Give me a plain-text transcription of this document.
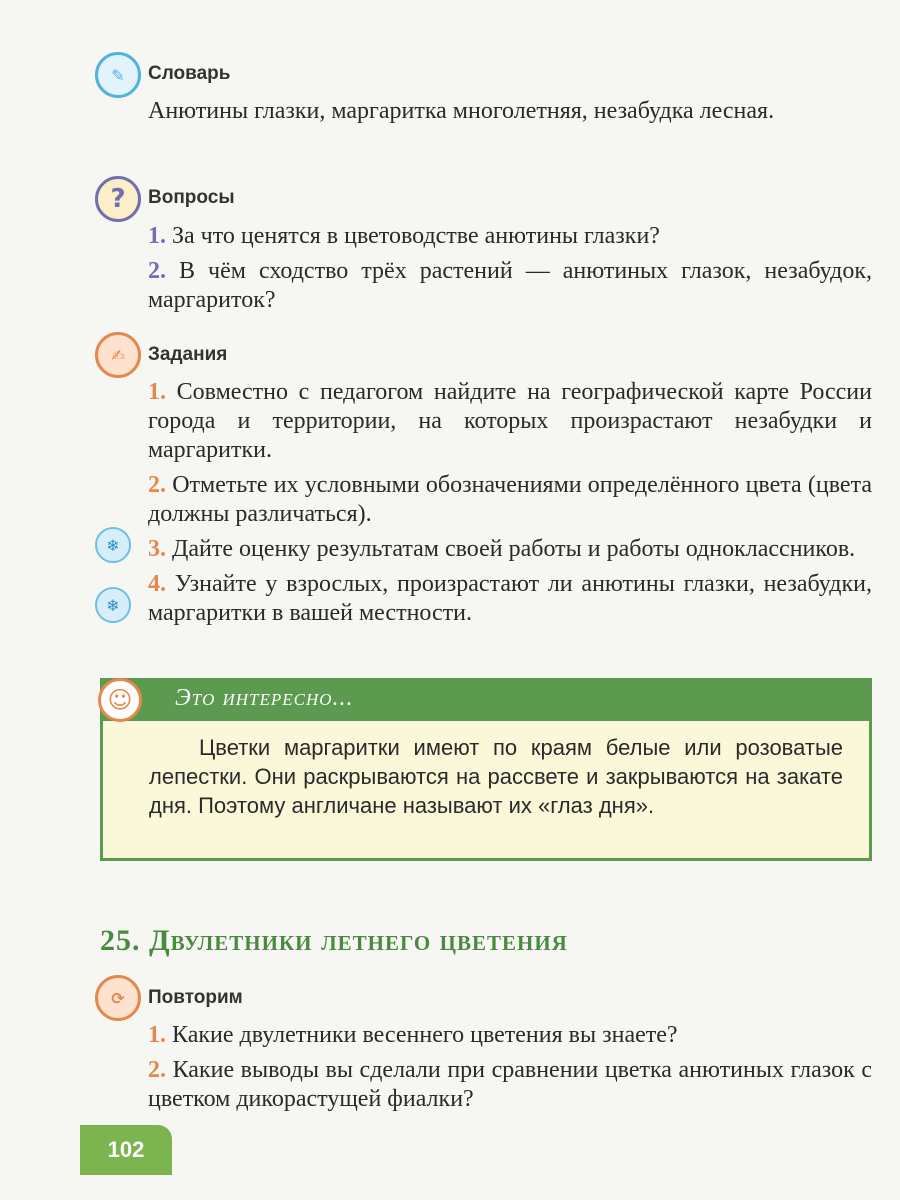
✎	Словарь
Анютины глазки, маргаритка многолетняя, незабудка лесная.
?	Вопросы
1. За что ценятся в цветоводстве анютины глазки?
2. В чём сходство трёх растений — анютиных глазок, незабудок, маргариток?
✍	Задания
1. Совместно с педагогом найдите на географической карте России города и территории, на которых произрастают незабудки и маргаритки.
2. Отметьте их условными обозначениями определённого цвета (цвета должны различаться).
3. Дайте оценку результатам своей работы и работы одноклассников.
4. Узнайте у взрослых, произрастают ли анютины глазки, незабудки, маргаритки в вашей местности.
❄
❄
Это интересно...
Цветки маргаритки имеют по краям белые или розоватые лепестки. Они раскрываются на рассвете и закрываются на закате дня. Поэтому англичане называют их «глаз дня».
☺
25. Двулетники летнего цветения
⟳	Повторим
1. Какие двулетники весеннего цветения вы знаете?
2. Какие выводы вы сделали при сравнении цветка анютиных глазок с цветком дикорастущей фиалки?
102
